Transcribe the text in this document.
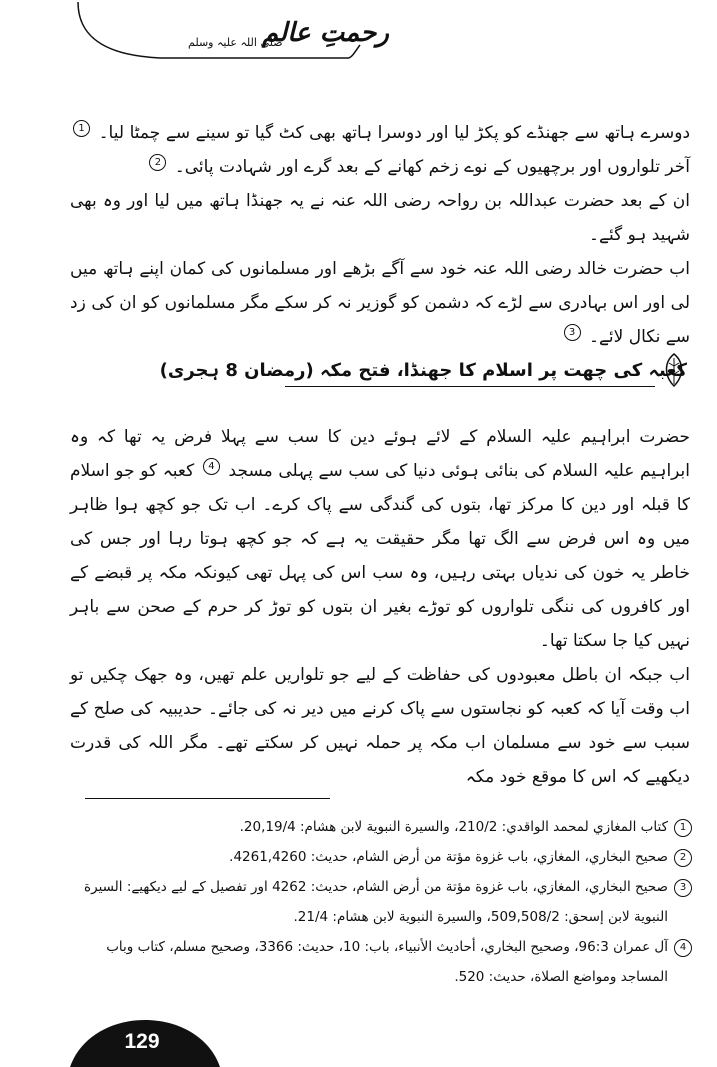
رحمتِ عالم
صلی اللہ علیہ وسلم

دوسرے ہاتھ سے جھنڈے کو پکڑ لیا اور دوسرا ہاتھ بھی کٹ گیا تو سینے سے چمٹا لیا۔ 1 آخر تلواروں اور برچھیوں کے نوے زخم کھانے کے بعد گرے اور شہادت پائی۔ 2

ان کے بعد حضرت عبداللہ بن رواحہ رضی اللہ عنہ نے یہ جھنڈا ہاتھ میں لیا اور وہ بھی شہید ہو گئے۔

اب حضرت خالد رضی اللہ عنہ خود سے آگے بڑھے اور مسلمانوں کی کمان اپنے ہاتھ میں لی اور اس بہادری سے لڑے کہ دشمن کو گوزیر نہ کر سکے مگر مسلمانوں کو ان کی زد سے نکال لائے۔ 3

کعبہ کی چھت پر اسلام کا جھنڈا، فتح مکہ (رمضان 8 ہجری)

حضرت ابراہیم علیہ السلام کے لائے ہوئے دین کا سب سے پہلا فرض یہ تھا کہ وہ ابراہیم علیہ السلام کی بنائی ہوئی دنیا کی سب سے پہلی مسجد 4 کعبہ کو جو اسلام کا قبلہ اور دین کا مرکز تھا، بتوں کی گندگی سے پاک کرے۔ اب تک جو کچھ ہوا ظاہر میں وہ اس فرض سے الگ تھا مگر حقیقت یہ ہے کہ جو کچھ ہوتا رہا اور جس کی خاطر یہ خون کی ندیاں بہتی رہیں، وہ سب اس کی پہل تھی کیونکہ مکہ پر قبضے کے اور کافروں کی ننگی تلواروں کو توڑے بغیر ان بتوں کو توڑ کر حرم کے صحن سے باہر نہیں کیا جا سکتا تھا۔

اب جبکہ ان باطل معبودوں کی حفاظت کے لیے جو تلواریں علم تھیں، وہ جھک چکیں تو اب وقت آیا کہ کعبہ کو نجاستوں سے پاک کرنے میں دیر نہ کی جائے۔ حدیبیہ کی صلح کے سبب سے خود سے مسلمان اب مکہ پر حملہ نہیں کر سکتے تھے۔ مگر اللہ کی قدرت دیکھیے کہ اس کا موقع خود مکہ

1
كتاب المغازي لمحمد الواقدي: 210/2، والسيرة النبوية لابن هشام: 20,19/4.
2
صحيح البخاري، المغازي، باب غزوة مؤتة من أرض الشام، حديث: 4261,4260.
3
صحيح البخاري، المغازي، باب غزوة مؤتة من أرض الشام، حديث: 4262 اور تفصیل کے لیے دیکھیے: السيرة النبوية لابن إسحق: 509,508/2، والسيرة النبوية لابن هشام: 21/4.
4
آل عمران 96:3، وصحيح البخاري، أحاديث الأنبياء، باب: 10، حديث: 3366، وصحيح مسلم، كتاب وباب المساجد ومواضع الصلاة، حديث: 520.
129
